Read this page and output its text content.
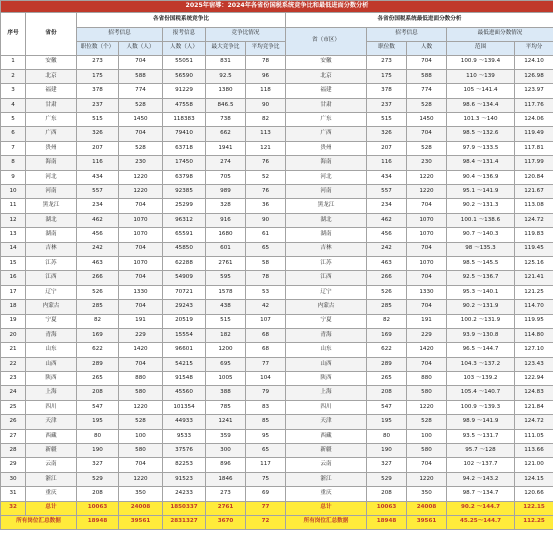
2025年宿導：2024年各省份国税系统竞争比和最低进面分数分析											
序号	省份	各省份国税系统竞争比					各省份国税系统最低进面分数分析				
		招考信息		报考信息	竞争比情况		省（市区）	招考信息		最低进面分数情况	
		职位数（个）	人数（人）	人数（人）	最大竞争比	平均竞争比		职位数	人数	范围	平均分
1	安徽	273	704	55051	831	78	安徽	273	704	100.9 ～139.4	124.10
2	北京	175	588	56590	92.5	96	北京	175	588	110 ～139	126.98
3	福建	378	774	91229	1380	118	福建	378	774	105 ～141.4	123.97
4	甘肃	237	528	47558	846.5	90	甘肃	237	528	98.6 ～134.4	117.76
5	广东	515	1450	118383	738	82	广东	515	1450	101.3 ～140	124.06
6	广西	326	704	79410	662	113	广西	326	704	98.5 ～132.6	119.49
7	贵州	207	528	63718	1941	121	贵州	207	528	97.9 ～133.5	117.81
8	海南	116	230	17450	274	76	海南	116	230	98.4 ～131.4	117.99
9	河北	434	1220	63798	705	52	河北	434	1220	90.4 ～136.9	120.84
10	河南	557	1220	92385	989	76	河南	557	1220	95.1 ～141.9	121.67
11	黑龙江	234	704	25299	328	36	黑龙江	234	704	90.2 ～131.3	113.08
12	湖北	462	1070	96312	916	90	湖北	462	1070	100.1 ～138.6	124.72
13	湖南	456	1070	65591	1680	61	湖南	456	1070	90.7 ～140.3	119.83
14	吉林	242	704	45850	601	65	吉林	242	704	98 ～135.3	119.45
15	江苏	463	1070	62288	2761	58	江苏	463	1070	98.5 ～145.5	125.16
16	江西	266	704	54909	595	78	江西	266	704	92.5 ～136.7	121.41
17	辽宁	526	1330	70721	1578	53	辽宁	526	1330	95.3 ～140.1	121.25
18	内蒙古	285	704	29243	438	42	内蒙古	285	704	90.2 ～131.9	114.70
19	宁夏	82	191	20519	515	107	宁夏	82	191	100.2 ～131.9	119.95
20	青海	169	229	15554	182	68	青海	169	229	93.9 ～130.8	114.80
21	山东	622	1420	96601	1200	68	山东	622	1420	96.5 ～144.7	127.10
22	山西	289	704	54215	695	77	山西	289	704	104.3 ～137.2	123.43
23	陕西	265	880	91548	1005	104	陕西	265	880	103 ～139.2	122.94
24	上海	208	580	45560	388	79	上海	208	580	105.4 ～140.7	124.83
25	四川	547	1220	101354	785	83	四川	547	1220	100.9 ～139.3	121.84
26	天津	195	528	44933	1241	85	天津	195	528	98.9 ～141.9	124.72
27	西藏	80	100	9533	359	95	西藏	80	100	93.5 ～131.7	111.05
28	新疆	190	580	37576	300	65	新疆	190	580	95.7 ～128	113.66
29	云南	327	704	82253	896	117	云南	327	704	102 ～137.7	121.00
30	浙江	529	1220	91523	1846	75	浙江	529	1220	94.2 ～143.2	124.15
31	重庆	208	350	24233	273	69	重庆	208	350	98.7 ～134.7	120.66
32	总计	10063	24008	1850337	2761	77	总计	10063	24008	90.2 ～144.7	122.15
所有岗位汇总数据		18948	39561	2831327	3670	72	所有岗位汇总数据	18948	39561	45.25～144.7	112.25
